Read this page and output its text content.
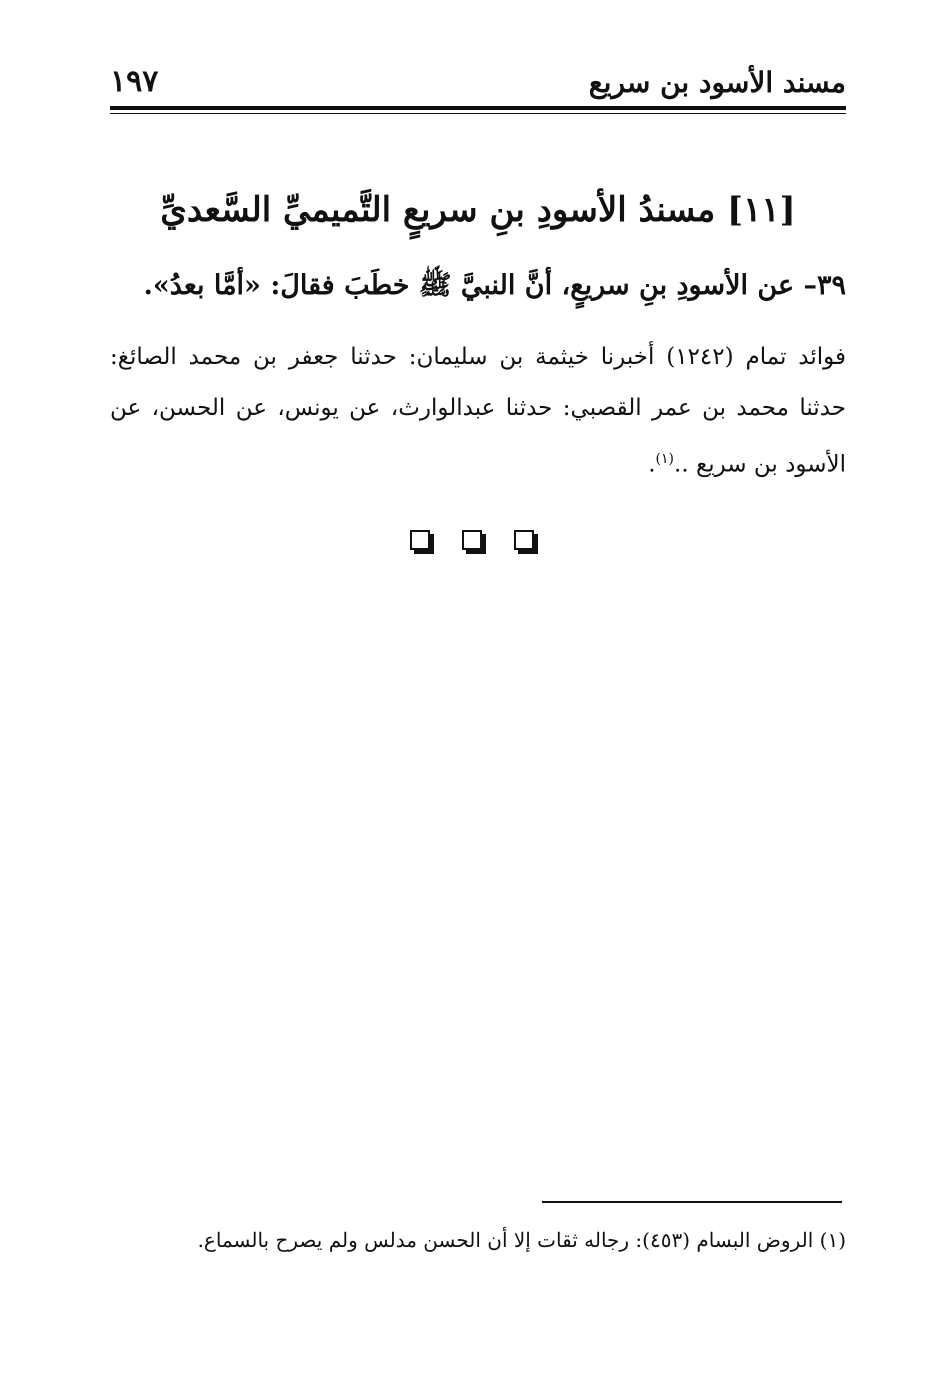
مسند الأسود بن سريع
١٩٧
[١١] مسندُ الأسودِ بنِ سريعٍ التَّميميِّ السَّعديِّ
٣٩– عن الأسودِ بنِ سريعٍ، أنَّ النبيَّ ﷺ خطَبَ فقالَ: «أمَّا بعدُ».
فوائد تمام (١٢٤٢) أخبرنا خيثمة بن سليمان: حدثنا جعفر بن محمد الصائغ:
حدثنا محمد بن عمر القصبي: حدثنا عبدالوارث، عن يونس، عن الحسن، عن
الأسود بن سريع ..$^{(١)}$.
(١) الروض البسام (٤٥٣): رجاله ثقات إلا أن الحسن مدلس ولم يصرح بالسماع.
